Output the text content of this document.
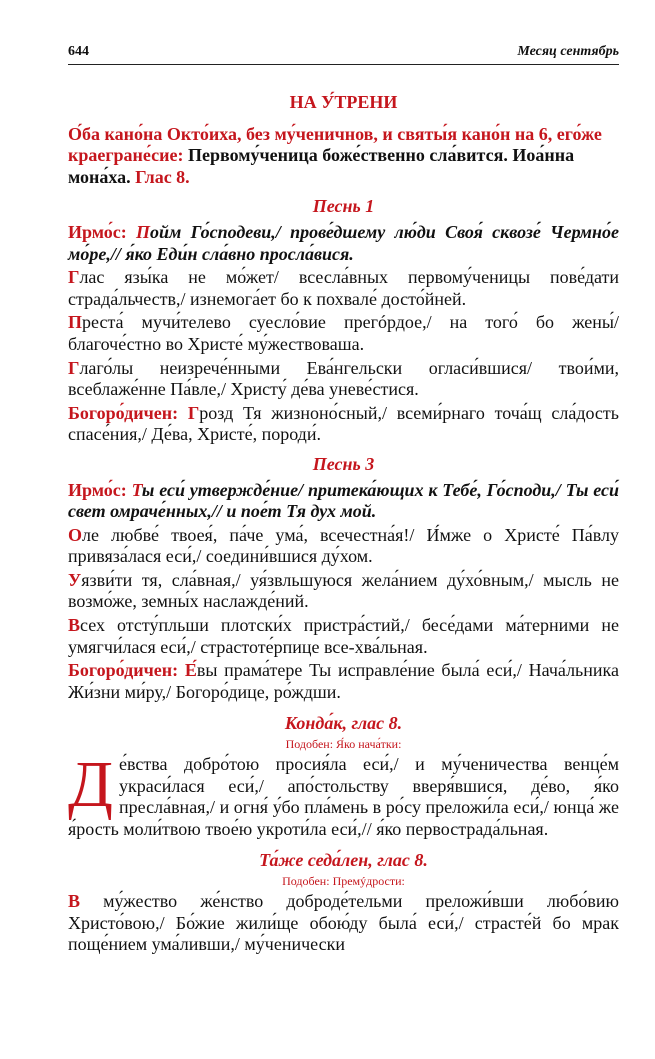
644	Месяц сентябрь
НА У́ТРЕНИ
О́ба кано́на Окто́иха, без му́ченичнов, и святы́я кано́н на 6, его́же краегране́сие: Первому́ченица боже́ственно сла́вится. Иоа́нна мона́ха. Глас 8.
Песнь 1

Ирмо́с: Пойм Го́сподеви,/ прове́дшему лю́ди Своя́ сквозе́ Чермно́е мо́ре,// я́ко Еди́н сла́вно просла́вися.

Глас язы́ка не мо́жет/ всесла́вных первому́ченицы пове́дати страда́льчеств,/ изнемога́ет бо к похвале́ досто́йней.

Преста́ мучи́телево суесло́вие прегóрдое,/ на того́ бо жены́/ благоче́стно во Христе́ му́жествоваша.

Глаго́лы неизрече́нными Ева́нгельски огласи́вшися/ твои́ми, всеблаже́нне Па́вле,/ Христу́ де́ва уневе́стися.

Богоро́дичен: Грозд Тя жизноно́сный,/ всеми́рнаго точа́щ сла́дость спасе́ния,/ Де́ва, Христе́, породи́.

Песнь 3

Ирмо́с: Ты еси́ утвержде́ние/ притека́ющих к Тебе́, Го́споди,/ Ты еси́ свет омраче́нных,// и пое́т Тя дух мой.

Оле любве́ твоея́, па́че ума́, всечестна́я!/ И́мже о Христе́ Па́влу привяза́лася еси́,/ соедини́вшися ду́хом.

Уязви́ти тя, сла́вная,/ уя́звльшуюся жела́нием ду́хо́вным,/ мысль не возмо́же, земны́х наслажде́ний.

Всех отсту́пльши плотски́х пристра́стий,/ бесе́дами ма́терними не умягчи́лася еси́,/ страстоте́рпице все-хва́льная.

Богоро́дичен: Е́вы прама́тере Ты исправле́ние была́ еси́,/ Нача́льника Жи́зни ми́ру,/ Богоро́дице, ро́ждши.

Конда́к, глас 8.
Подобен: Я́ко нача́тки:

Де́вства добро́тою просия́ла еси́,/ и му́ченичества венце́м украси́лася еси́,/ апо́стольству вверя́вшися, де́во, я́ко пресла́вная,/ и огня́ у́бо пла́мень в ро́су преложи́ла еси́,/ юнца́ же я́рость моли́твою твое́ю укроти́ла еси́,// я́ко первострада́льная.

Та́же седа́лен, глас 8.
Подобен: Премýдрости:

В му́жество же́нство доброде́тельми преложи́вши любо́вию Христо́вою,/ Бо́жие жили́ще обою́ду была́ еси́,/ страсте́й бо мрак поще́нием ума́ливши,/ му́ченически
